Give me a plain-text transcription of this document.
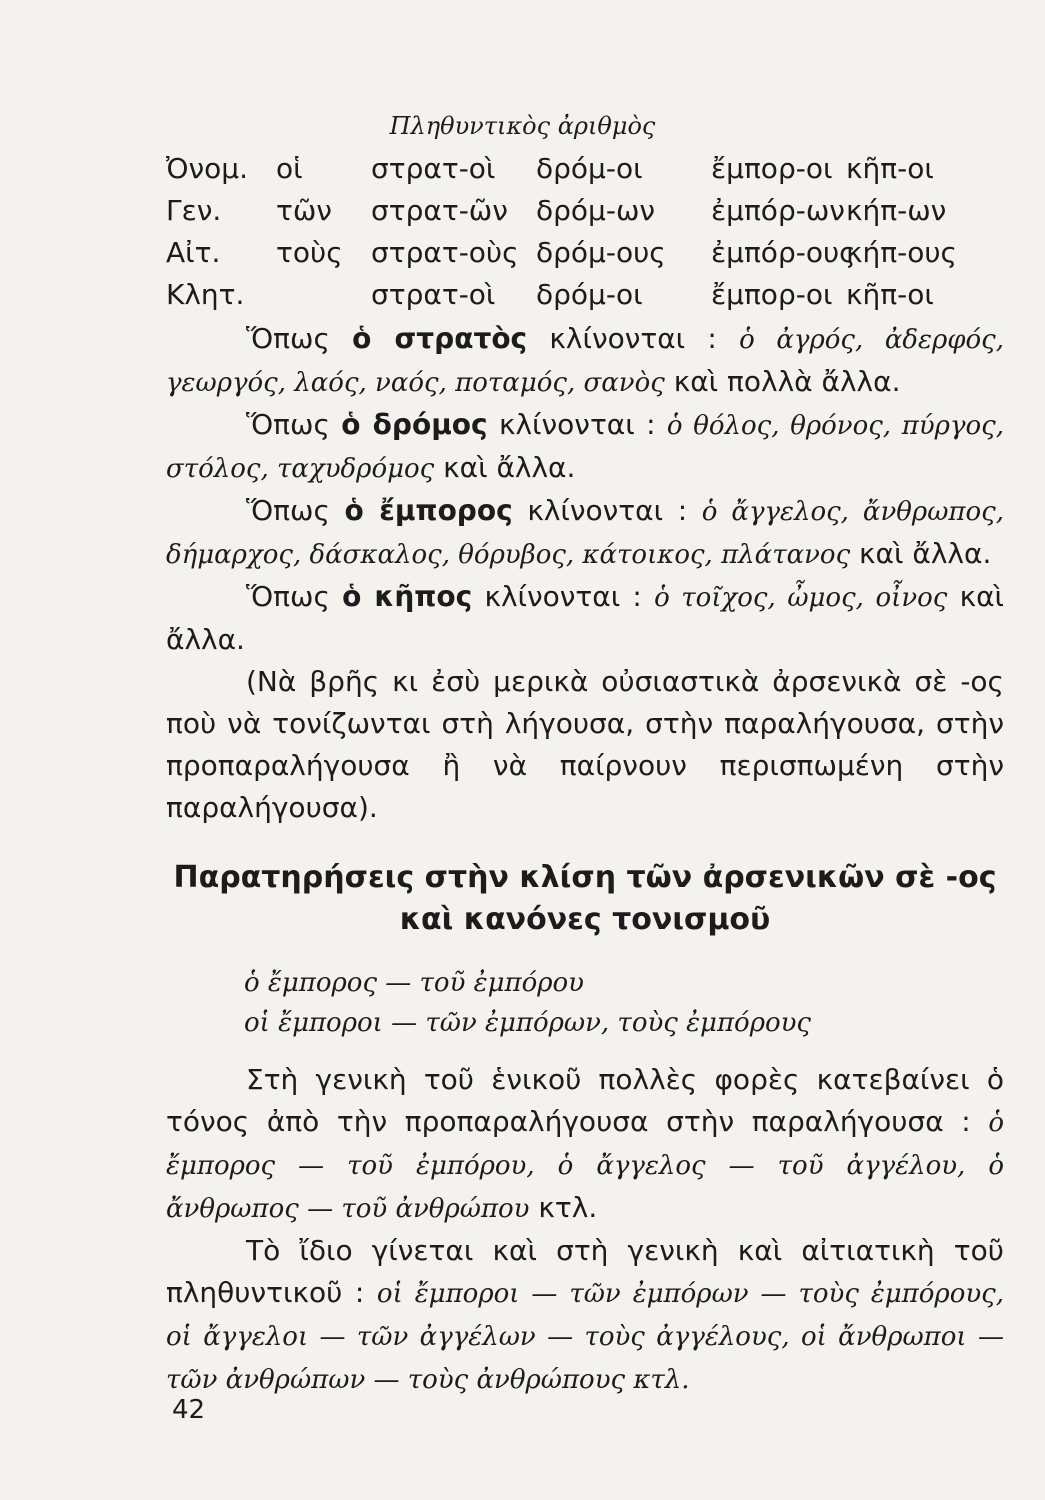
Πληθυντικὸς ἀριθμὸς
Ὀνομ. οἱ στρατ-οὶ δρόμ-οι ἔμπορ-οι κῆπ-οι
Γεν. τῶν στρατ-ῶν δρόμ-ων ἐμπόρ-ων κήπ-ων
Αἰτ. τοὺς στρατ-οὺς δρόμ-ους ἐμπόρ-ους
κήπ-ους
Κλητ.	στρατ-οὶ δρόμ-οι ἔμπορ-οι κῆπ-οι

Ὅπως ὁ στρατὸς κλίνονται : ὁ ἀγρός, ἀδερφός, γεωργός, λαός, ναός, ποταμός, σανὸς καὶ πολλὰ ἄλλα.

Ὅπως ὁ δρόμος κλίνονται : ὁ θόλος, θρόνος, πύργος, στόλος, ταχυδρόμος καὶ ἄλλα.

Ὅπως ὁ ἔμπορος κλίνονται : ὁ ἄγγελος, ἄνθρωπος, δήμαρχος, δάσκαλος, θόρυβος, κάτοικος, πλάτανος καὶ ἄλλα.

Ὅπως ὁ κῆπος κλίνονται : ὁ τοῖχος, ὦμος, οἶνος καὶ ἄλλα.

(Νὰ βρῆς κι ἐσὺ μερικὰ οὐσιαστικὰ ἀρσενικὰ σὲ -ος ποὺ νὰ τονίζωνται στὴ λήγουσα, στὴν παραλήγουσα, στὴν προπαραλήγουσα ἢ νὰ παίρνουν περισπωμένη στὴν παραλήγουσα).

Παρατηρήσεις στὴν κλίση τῶν ἀρσενικῶν σὲ -ος
καὶ κανόνες τονισμοῦ
ὁ ἔμπορος — τοῦ ἐμπόρου
οἱ ἔμποροι — τῶν ἐμπόρων, τοὺς ἐμπόρους

Στὴ γενικὴ τοῦ ἑνικοῦ πολλὲς φορὲς κατεβαίνει ὁ τόνος ἀπὸ τὴν προπαραλήγουσα στὴν παραλήγουσα : ὁ ἔμπορος — τοῦ ἐμπόρου, ὁ ἄγγελος — τοῦ ἀγγέλου, ὁ ἄνθρωπος — τοῦ ἀνθρώπου κτλ.

Τὸ ἴδιο γίνεται καὶ στὴ γενικὴ καὶ αἰτιατικὴ τοῦ πληθυντικοῦ : οἱ ἔμποροι — τῶν ἐμπόρων — τοὺς ἐμπόρους, οἱ ἄγγελοι — τῶν ἀγγέλων — τοὺς ἀγγέλους, οἱ ἄνθρωποι — τῶν ἀνθρώπων — τοὺς ἀνθρώπους κτλ.

42
